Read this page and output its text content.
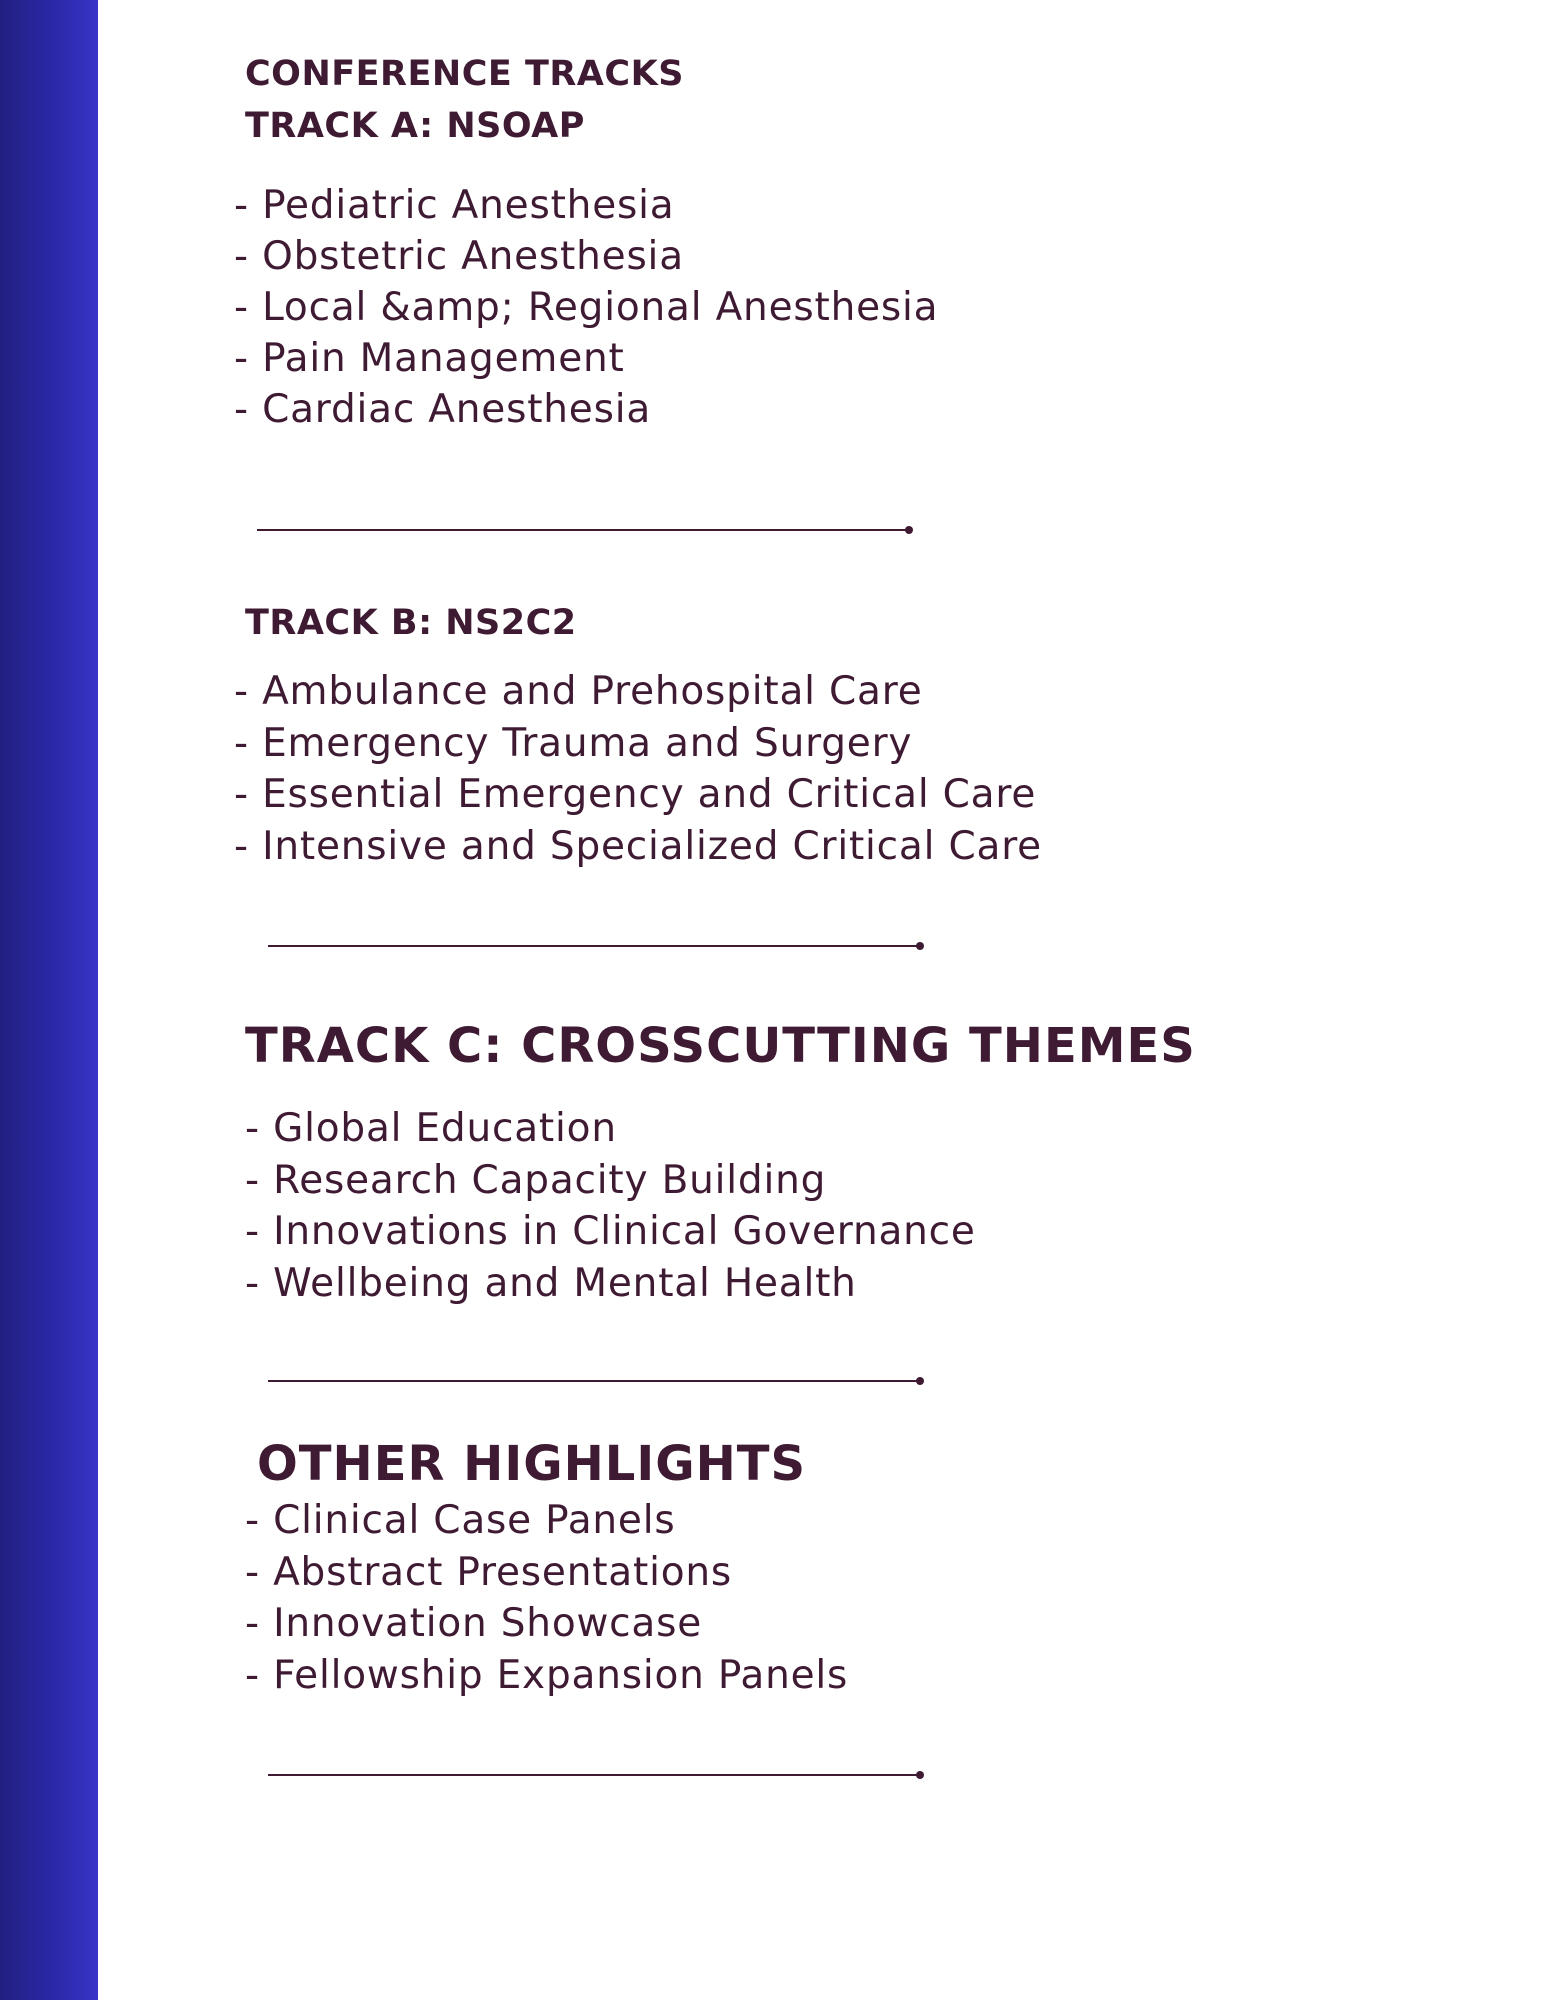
CONFERENCE TRACKS
TRACK A: NSOAP
- Pediatric Anesthesia
- Obstetric Anesthesia
- Local &amp; Regional Anesthesia
- Pain Management
- Cardiac Anesthesia
TRACK B: NS2C2
- Ambulance and Prehospital Care
- Emergency Trauma and Surgery
- Essential Emergency and Critical Care
- Intensive and Specialized Critical Care
TRACK C: CROSSCUTTING THEMES
- Global Education
- Research Capacity Building
- Innovations in Clinical Governance
- Wellbeing and Mental Health
OTHER HIGHLIGHTS
- Clinical Case Panels
- Abstract Presentations
- Innovation Showcase
- Fellowship Expansion Panels
